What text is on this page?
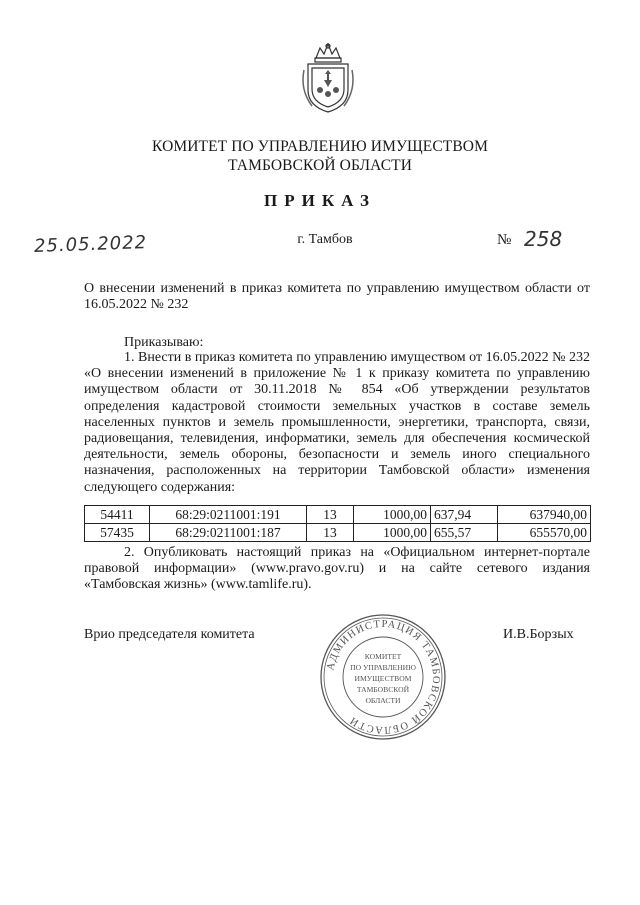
КОМИТЕТ ПО УПРАВЛЕНИЮ ИМУЩЕСТВОМ
ТАМБОВСКОЙ ОБЛАСТИ
ПРИКАЗ
25.05.2022	г. Тамбов	№ 258
О внесении изменений в приказ комитета по управлению имуществом области от 16.05.2022 № 232
Приказываю:
1. Внести в приказ комитета по управлению имуществом от 16.05.2022 № 232 «О внесении изменений в приложение № 1 к приказу комитета по управлению имуществом области от 30.11.2018 № 854 «Об утверждении результатов определения кадастровой стоимости земельных участков в составе земель населенных пунктов и земель промышленности, энергетики, транспорта, связи, радиовещания, телевидения, информатики, земель для обеспечения космической деятельности, земель обороны, безопасности и земель иного специального назначения, расположенных на территории Тамбовской области» изменения следующего содержания:
54411	68:29:0211001:191	13	1000,00	637,94	637940,00
57435	68:29:0211001:187	13	1000,00	655,57	655570,00
2. Опубликовать настоящий приказ на «Официальном интернет-портале правовой информации» (www.pravo.gov.ru) и на сайте сетевого издания «Тамбовская жизнь» (www.tamlife.ru).
Врио председателя комитета	И.В.Борзых
АДМИНИСТРАЦИЯ ТАМБОВСКОЙ ОБЛАСТИ
КОМИТЕТ
ПО УПРАВЛЕНИЮ
ИМУЩЕСТВОМ
ТАМБОВСКОЙ
ОБЛАСТИ
